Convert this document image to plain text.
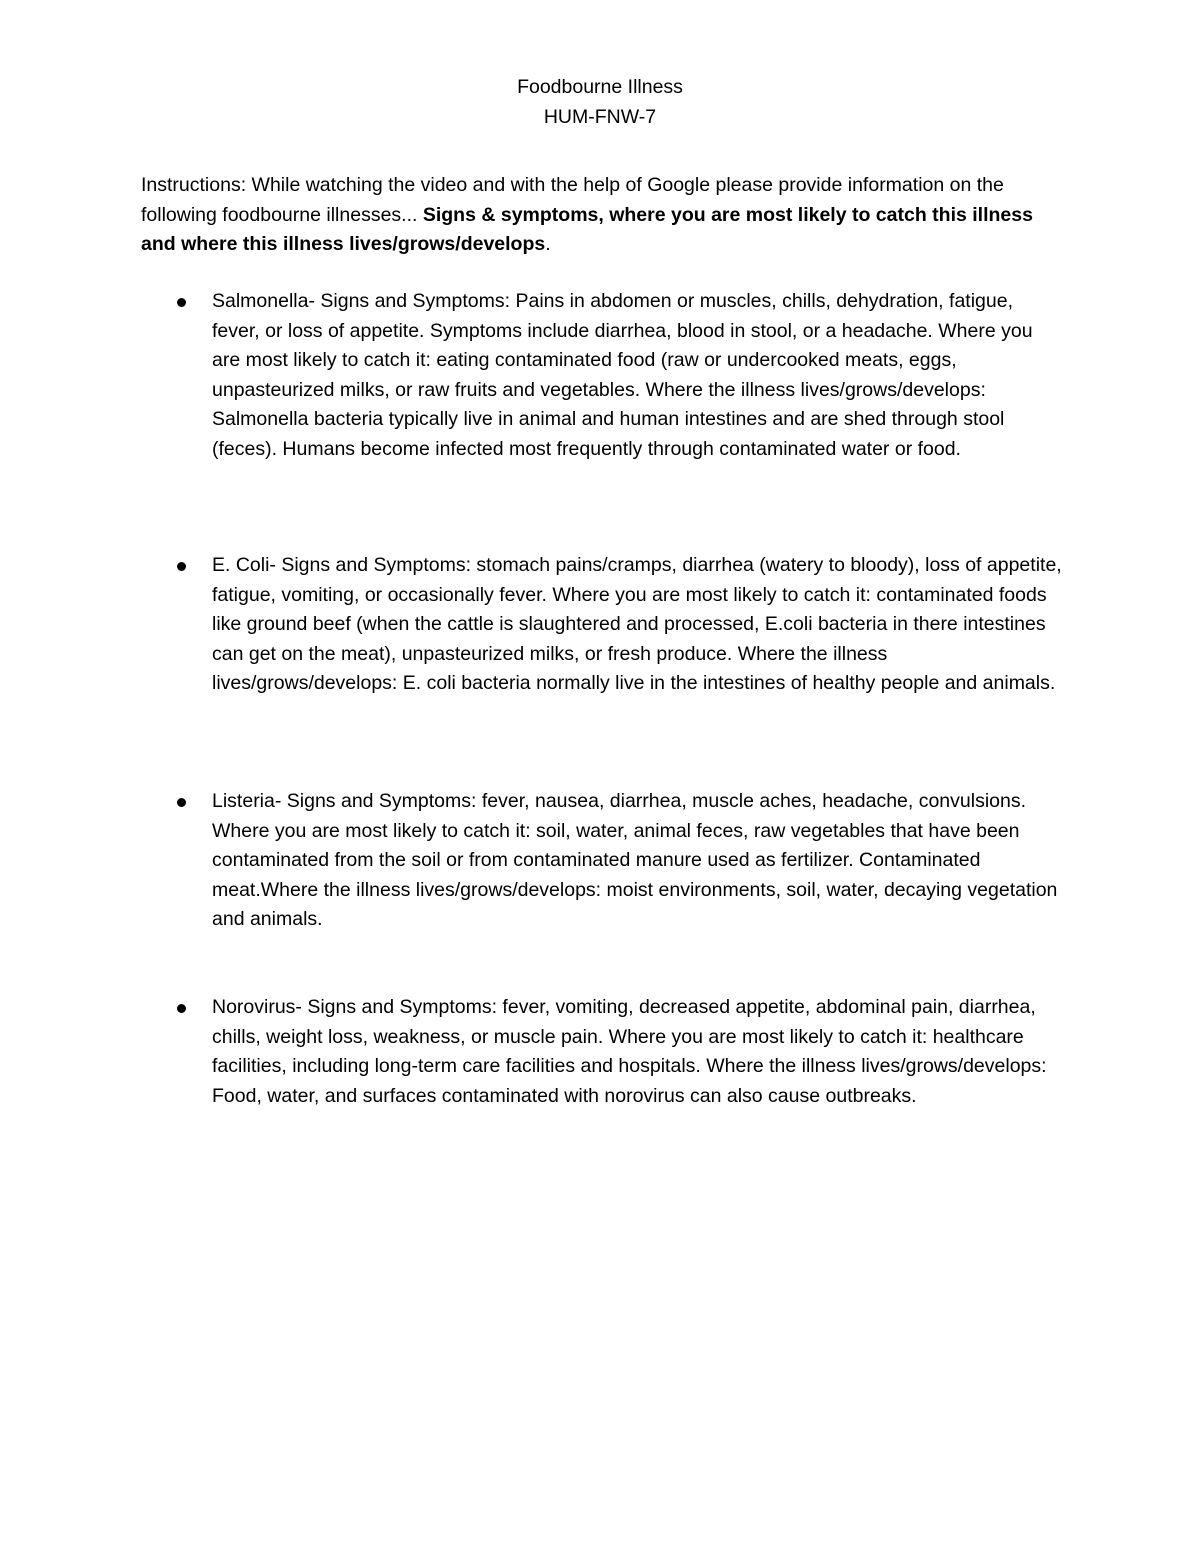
Foodbourne Illness
HUM-FNW-7
Instructions: While watching the video and with the help of Google please provide information on the following foodbourne illnesses... Signs & symptoms, where you are most likely to catch this illness and where this illness lives/grows/develops.
Salmonella- Signs and Symptoms: Pains in abdomen or muscles, chills, dehydration, fatigue, fever, or loss of appetite. Symptoms include diarrhea, blood in stool, or a headache. Where you are most likely to catch it: eating contaminated food (raw or undercooked meats, eggs, unpasteurized milks, or raw fruits and vegetables. Where the illness lives/grows/develops: Salmonella bacteria typically live in animal and human intestines and are shed through stool (feces). Humans become infected most frequently through contaminated water or food.
E. Coli- Signs and Symptoms: stomach pains/cramps, diarrhea (watery to bloody), loss of appetite, fatigue, vomiting, or occasionally fever. Where you are most likely to catch it: contaminated foods like ground beef (when the cattle is slaughtered and processed, E.coli bacteria in there intestines can get on the meat), unpasteurized milks, or fresh produce. Where the illness lives/grows/develops: E. coli bacteria normally live in the intestines of healthy people and animals.
Listeria- Signs and Symptoms: fever, nausea, diarrhea, muscle aches, headache, convulsions. Where you are most likely to catch it: soil, water, animal feces, raw vegetables that have been contaminated from the soil or from contaminated manure used as fertilizer. Contaminated meat.Where the illness lives/grows/develops: moist environments, soil, water, decaying vegetation and animals.
Norovirus- Signs and Symptoms: fever, vomiting, decreased appetite, abdominal pain, diarrhea, chills, weight loss, weakness, or muscle pain. Where you are most likely to catch it: healthcare facilities, including long-term care facilities and hospitals. Where the illness lives/grows/develops: Food, water, and surfaces contaminated with norovirus can also cause outbreaks.
